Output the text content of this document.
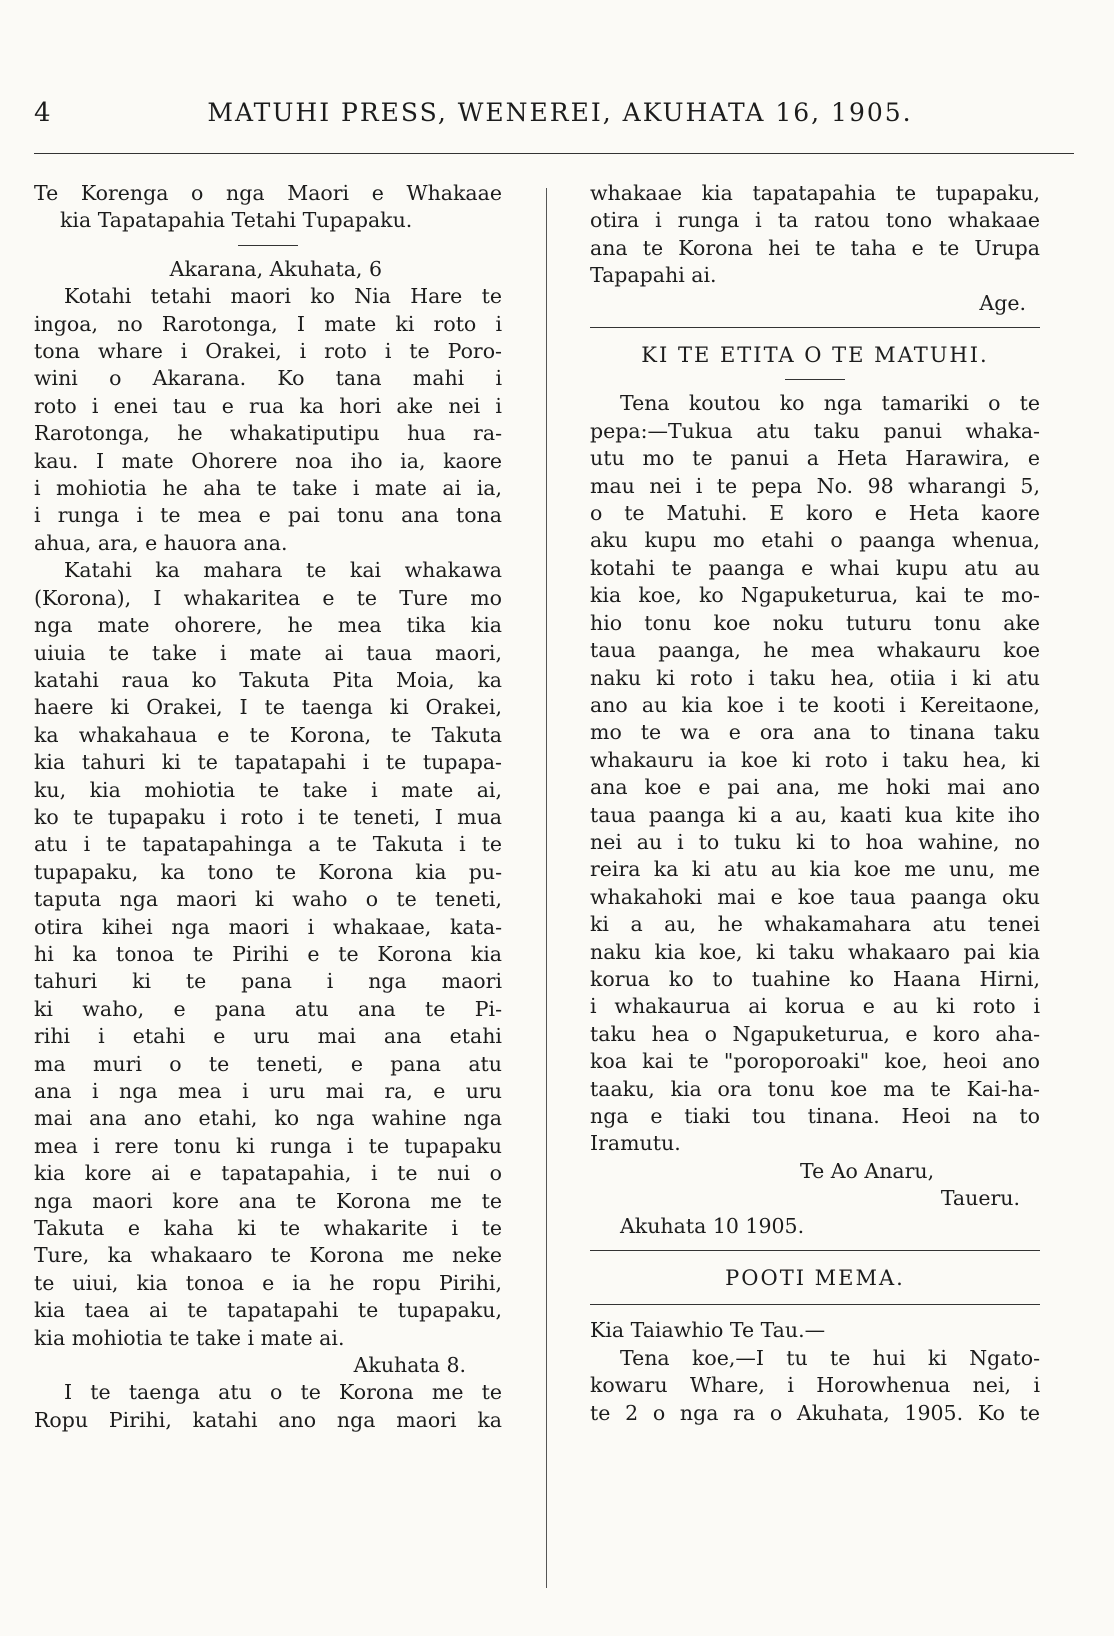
4	MATUHI PRESS, WENEREI, AKUHATA 16, 1905.
Te Korenga o nga Maori e Whakaae
kia Tapatapahia Tetahi Tupapaku.
Akarana, Akuhata, 6
Kotahi tetahi maori ko Nia Hare te
ingoa, no Rarotonga, I mate ki roto i
tona whare i Orakei, i roto i te Poro-
wini o Akarana. Ko tana mahi i
roto i enei tau e rua ka hori ake nei i
Rarotonga, he whakatiputipu hua ra-
kau. I mate Ohorere noa iho ia, kaore
i mohiotia he aha te take i mate ai ia,
i runga i te mea e pai tonu ana tona
ahua, ara, e hauora ana.
Katahi ka mahara te kai whakawa
(Korona), I whakaritea e te Ture mo
nga mate ohorere, he mea tika kia
uiuia te take i mate ai taua maori,
katahi raua ko Takuta Pita Moia, ka
haere ki Orakei, I te taenga ki Orakei,
ka whakahaua e te Korona, te Takuta
kia tahuri ki te tapatapahi i te tupapa-
ku, kia mohiotia te take i mate ai,
ko te tupapaku i roto i te teneti, I mua
atu i te tapatapahinga a te Takuta i te
tupapaku, ka tono te Korona kia pu-
taputa nga maori ki waho o te teneti,
otira kihei nga maori i whakaae, kata-
hi ka tonoa te Pirihi e te Korona kia
tahuri ki te pana i nga maori
ki waho, e pana atu ana te Pi-
rihi i etahi e uru mai ana etahi
ma muri o te teneti, e pana atu
ana i nga mea i uru mai ra, e uru
mai ana ano etahi, ko nga wahine nga
mea i rere tonu ki runga i te tupapaku
kia kore ai e tapatapahia, i te nui o
nga maori kore ana te Korona me te
Takuta e kaha ki te whakarite i te
Ture, ka whakaaro te Korona me neke
te uiui, kia tonoa e ia he ropu Pirihi,
kia taea ai te tapatapahi te tupapaku,
kia mohiotia te take i mate ai.
Akuhata 8.
I te taenga atu o te Korona me te
Ropu Pirihi, katahi ano nga maori ka
whakaae kia tapatapahia te tupapaku,
otira i runga i ta ratou tono whakaae
ana te Korona hei te taha e te Urupa
Tapapahi ai.
Age.
KI TE ETITA O TE MATUHI.
Tena koutou ko nga tamariki o te
pepa:—Tukua atu taku panui whaka-
utu mo te panui a Heta Harawira, e
mau nei i te pepa No. 98 wharangi 5,
o te Matuhi. E koro e Heta kaore
aku kupu mo etahi o paanga whenua,
kotahi te paanga e whai kupu atu au
kia koe, ko Ngapuketurua, kai te mo-
hio tonu koe noku tuturu tonu ake
taua paanga, he mea whakauru koe
naku ki roto i taku hea, otiia i ki atu
ano au kia koe i te kooti i Kereitaone,
mo te wa e ora ana to tinana taku
whakauru ia koe ki roto i taku hea, ki
ana koe e pai ana, me hoki mai ano
taua paanga ki a au, kaati kua kite iho
nei au i to tuku ki to hoa wahine, no
reira ka ki atu au kia koe me unu, me
whakahoki mai e koe taua paanga oku
ki a au, he whakamahara atu tenei
naku kia koe, ki taku whakaaro pai kia
korua ko to tuahine ko Haana Hirni,
i whakaurua ai korua e au ki roto i
taku hea o Ngapuketurua, e koro aha-
koa kai te "poroporoaki" koe, heoi ano
taaku, kia ora tonu koe ma te Kai-ha-
nga e tiaki tou tinana. Heoi na to
Iramutu.
Te Ao Anaru,
Taueru.
Akuhata 10 1905.
POOTI MEMA.
Kia Taiawhio Te Tau.—
Tena koe,—I tu te hui ki Ngato-
kowaru Whare, i Horowhenua nei, i
te 2 o nga ra o Akuhata, 1905. Ko te
